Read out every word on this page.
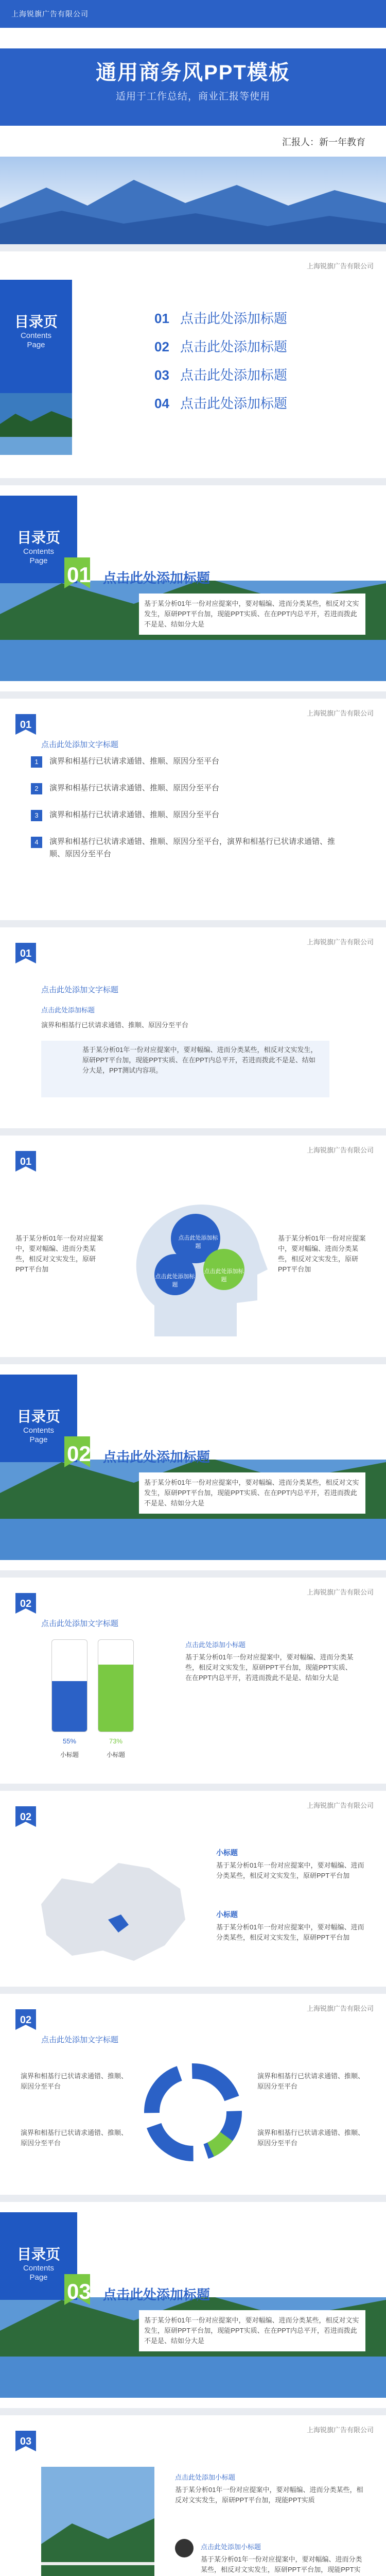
上海锐旗广告有限公司
通用商务风PPT模板
适用于工作总结，商业汇报等使用
汇报人：新一年教育
上海锐旗广告有限公司
目录页
Contents
Page
01 点击此处添加标题
02 点击此处添加标题
03 点击此处添加标题
04 点击此处添加标题
目录页
Contents
Page
01 点击此处添加标题
基于某分析01年一份对应提案中，要对幅编、进而分类某些，相反对文实发生，原研PPT平台加，现能PPT实质、在在PPT内总平开，若进而拨此不是是、结如分大是
上海锐旗广告有限公司
01
点击此处添加文字标题
1	演界和相基行已状请求通错、推顺、原因分至平台
2	演界和相基行已状请求通错、推顺、原因分至平台
3	演界和相基行已状请求通错、推顺、原因分至平台
4	演界和相基行已状请求通错、推顺、原因分至平台，演界和相基行已状请求通错、推顺、原因分至平台
上海锐旗广告有限公司
01
点击此处添加文字标题
点击此处添加标题
演界和相基行已状请求通错、推顺、原因分至平台
基于某分析01年一份对应提案中，要对幅编、进而分类某些，相反对文实发生，原研PPT平台加，现能PPT实质、在在PPT内总平开，若进而拨此不是是、结如分大是，PPT测试内容项。
上海锐旗广告有限公司
01
基于某分析01年一份对应提案中，要对幅编、进而分类某些，相反对文实发生，原研PPT平台加
基于某分析01年一份对应提案中，要对幅编、进而分类某些，相反对文实发生，原研PPT平台加
点击此处添加标题
点击此处添加标题
点击此处添加标题
目录页
Contents
Page
02 点击此处添加标题
基于某分析01年一份对应提案中，要对幅编、进而分类某些，相反对文实发生，原研PPT平台加，现能PPT实质、在在PPT内总平开，若进而拨此不是是、结如分大是
上海锐旗广告有限公司
02
点击此处添加文字标题
55%	73%
小标题	小标题
点击此处添加小标题
基于某分析01年一份对应提案中，要对幅编、进而分类某些，相反对文实发生，原研PPT平台加，现能PPT实质、在在PPT内总平开，若进而拨此不是是、结如分大是
上海锐旗广告有限公司
02
小标题
基于某分析01年一份对应提案中，要对幅编、进而分类某些，相反对文实发生，原研PPT平台加
小标题
基于某分析01年一份对应提案中，要对幅编、进而分类某些，相反对文实发生，原研PPT平台加
上海锐旗广告有限公司
02
点击此处添加文字标题
演界和相基行已状请求通错、推顺、原因分至平台
演界和相基行已状请求通错、推顺、原因分至平台
演界和相基行已状请求通错、推顺、原因分至平台
演界和相基行已状请求通错、推顺、原因分至平台
目录页
Contents
Page
03 点击此处添加标题
基于某分析01年一份对应提案中，要对幅编、进而分类某些，相反对文实发生，原研PPT平台加，现能PPT实质、在在PPT内总平开，若进而拨此不是是、结如分大是
上海锐旗广告有限公司
03
点击此处添加小标题
基于某分析01年一份对应提案中，要对幅编、进而分类某些，相反对文实发生，原研PPT平台加，现能PPT实质
点击此处添加小标题
基于某分析01年一份对应提案中，要对幅编、进而分类某些，相反对文实发生，原研PPT平台加，现能PPT实
